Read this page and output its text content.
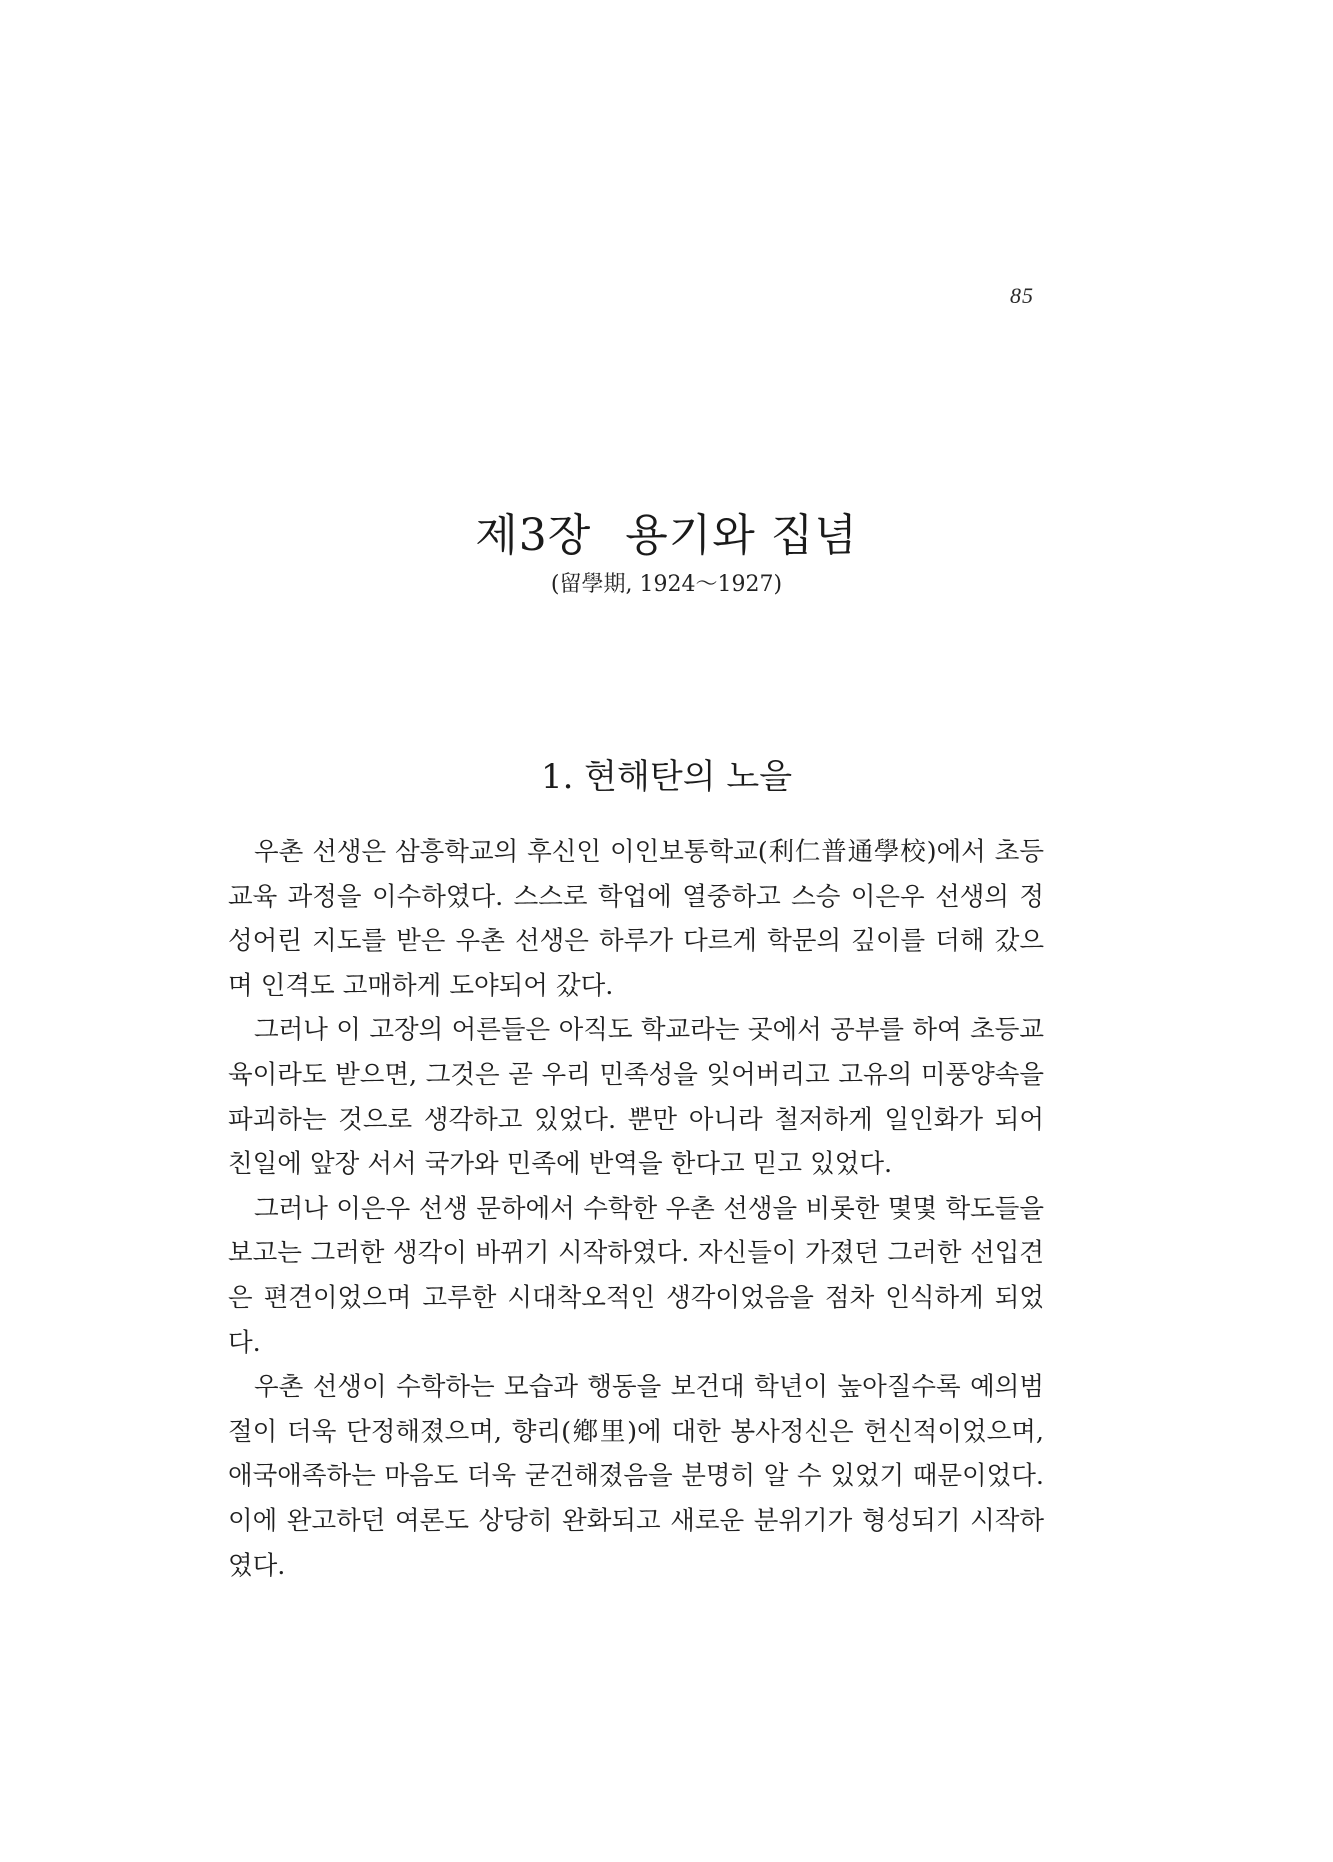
85
제3장 용기와 집념
(留學期, 1924～1927)
1. 현해탄의 노을

우촌 선생은 삼흥학교의 후신인 이인보통학교(利仁普通學校)에서 초등교육 과정을 이수하였다. 스스로 학업에 열중하고 스승 이은우 선생의 정성어린 지도를 받은 우촌 선생은 하루가 다르게 학문의 깊이를 더해 갔으며 인격도 고매하게 도야되어 갔다.

그러나 이 고장의 어른들은 아직도 학교라는 곳에서 공부를 하여 초등교육이라도 받으면, 그것은 곧 우리 민족성을 잊어버리고 고유의 미풍양속을 파괴하는 것으로 생각하고 있었다. 뿐만 아니라 철저하게 일인화가 되어 친일에 앞장 서서 국가와 민족에 반역을 한다고 믿고 있었다.

그러나 이은우 선생 문하에서 수학한 우촌 선생을 비롯한 몇몇 학도들을 보고는 그러한 생각이 바뀌기 시작하였다. 자신들이 가졌던 그러한 선입견은 편견이었으며 고루한 시대착오적인 생각이었음을 점차 인식하게 되었다.

우촌 선생이 수학하는 모습과 행동을 보건대 학년이 높아질수록 예의범절이 더욱 단정해졌으며, 향리(鄕里)에 대한 봉사정신은 헌신적이었으며, 애국애족하는 마음도 더욱 굳건해졌음을 분명히 알 수 있었기 때문이었다. 이에 완고하던 여론도 상당히 완화되고 새로운 분위기가 형성되기 시작하였다.
